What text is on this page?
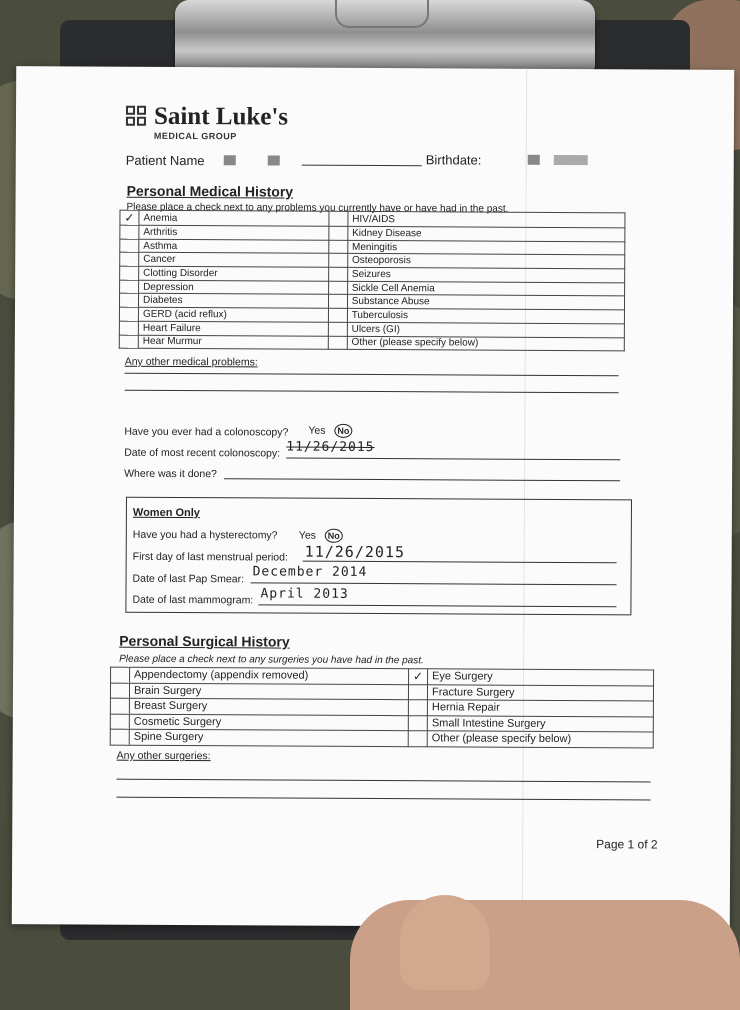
Saint Luke's
MEDICAL GROUP
Patient Name	Birthdate:
Personal Medical History
Please place a check next to any problems you currently have or have had in the past.
✓	Anemia		HIV/AIDS
	Arthritis		Kidney Disease
	Asthma		Meningitis
	Cancer		Osteoporosis
	Clotting Disorder		Seizures
	Depression		Sickle Cell Anemia
	Diabetes		Substance Abuse
	GERD (acid reflux)		Tuberculosis
	Heart Failure		Ulcers (GI)
	Hear Murmur		Other (please specify below)
Any other medical problems:
Have you ever had a colonoscopy? Yes	No
Date of most recent colonoscopy: 11/26/2015
Where was it done?
Women Only
Have you had a hysterectomy? Yes	No
First day of last menstrual period: 11/26/2015
Date of last Pap Smear: December 2014
Date of last mammogram: April 2013
Personal Surgical History
Please place a check next to any surgeries you have had in the past.
	Appendectomy (appendix removed)	✓	Eye Surgery
	Brain Surgery		Fracture Surgery
	Breast Surgery		Hernia Repair
	Cosmetic Surgery		Small Intestine Surgery
	Spine Surgery		Other (please specify below)
Any other surgeries:
Page 1 of 2
